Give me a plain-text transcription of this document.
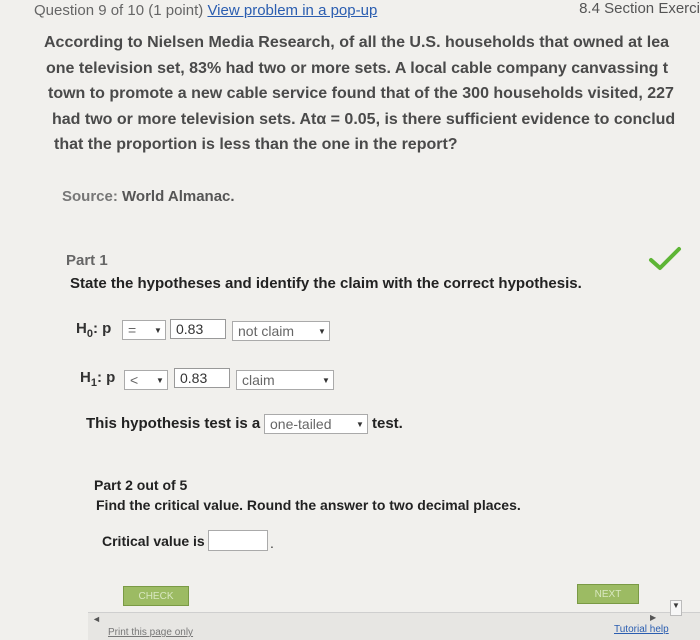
Question 9 of 10 (1 point) View problem in a pop-up	8.4 Section Exerci

According to Nielsen Media Research, of all the U.S. households that owned at lea

one television set, 83% had two or more sets. A local cable company canvassing t

town to promote a new cable service found that of the 300 households visited, 227

had two or more television sets. Atα = 0.05, is there sufficient evidence to conclud

that the proportion is less than the one in the report?

Source: World Almanac.
Part 1
State the hypotheses and identify the claim with the correct hypothesis.
$H_0$: p	=	▼	0.83	not claim	▼
$H_1$: p	<	▼	0.83	claim	▼
This hypothesis test is a one-tailed	▼ test.
Part 2 out of 5
Find the critical value. Round the answer to two decimal places.
Critical value is	.
CHECK	NEXT
◄
▼
Print this page only	Tutorial help
▶
